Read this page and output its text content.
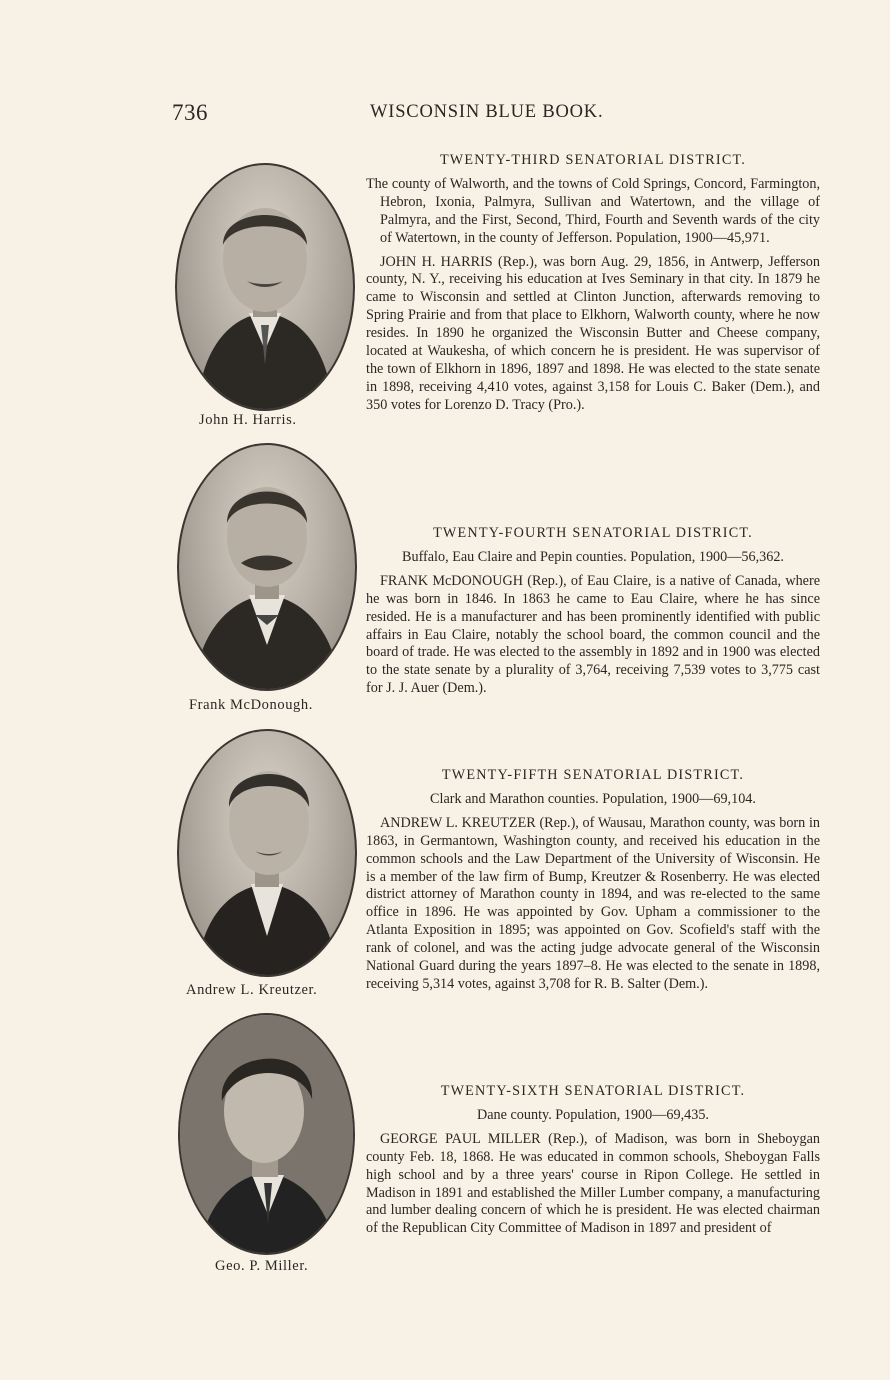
736	WISCONSIN BLUE BOOK.
John H. Harris.
Frank McDonough.
Andrew L. Kreutzer.
Geo. P. Miller.
TWENTY-THIRD SENATORIAL DISTRICT.
The county of Walworth, and the towns of Cold Springs, Concord, Farmington, Hebron, Ixonia, Palmyra, Sullivan and Watertown, and the village of Palmyra, and the First, Second, Third, Fourth and Seventh wards of the city of Watertown, in the county of Jefferson. Population, 1900—45,971.
JOHN H. HARRIS (Rep.), was born Aug. 29, 1856, in Antwerp, Jefferson county, N. Y., receiving his education at Ives Seminary in that city. In 1879 he came to Wisconsin and settled at Clinton Junction, afterwards removing to Spring Prairie and from that place to Elkhorn, Walworth county, where he now resides. In 1890 he organized the Wisconsin Butter and Cheese company, located at Waukesha, of which concern he is president. He was supervisor of the town of Elkhorn in 1896, 1897 and 1898. He was elected to the state senate in 1898, receiving 4,410 votes, against 3,158 for Louis C. Baker (Dem.), and 350 votes for Lorenzo D. Tracy (Pro.).
TWENTY-FOURTH SENATORIAL DISTRICT.
Buffalo, Eau Claire and Pepin counties. Population, 1900—56,362.
FRANK McDONOUGH (Rep.), of Eau Claire, is a native of Canada, where he was born in 1846. In 1863 he came to Eau Claire, where he has since resided. He is a manufacturer and has been prominently identified with public affairs in Eau Claire, notably the school board, the common council and the board of trade. He was elected to the assembly in 1892 and in 1900 was elected to the state senate by a plurality of 3,764, receiving 7,539 votes to 3,775 cast for J. J. Auer (Dem.).
TWENTY-FIFTH SENATORIAL DISTRICT.
Clark and Marathon counties. Population, 1900—69,104.
ANDREW L. KREUTZER (Rep.), of Wausau, Marathon county, was born in 1863, in Germantown, Washington county, and received his education in the common schools and the Law Department of the University of Wisconsin. He is a member of the law firm of Bump, Kreutzer & Rosenberry. He was elected district attorney of Marathon county in 1894, and was re-elected to the same office in 1896. He was appointed by Gov. Upham a commissioner to the Atlanta Exposition in 1895; was appointed on Gov. Scofield's staff with the rank of colonel, and was the acting judge advocate general of the Wisconsin National Guard during the years 1897–8. He was elected to the senate in 1898, receiving 5,314 votes, against 3,708 for R. B. Salter (Dem.).
TWENTY-SIXTH SENATORIAL DISTRICT.
Dane county. Population, 1900—69,435.
GEORGE PAUL MILLER (Rep.), of Madison, was born in Sheboygan county Feb. 18, 1868. He was educated in common schools, Sheboygan Falls high school and by a three years' course in Ripon College. He settled in Madison in 1891 and established the Miller Lumber company, a manufacturing and lumber dealing concern of which he is president. He was elected chairman of the Republican City Committee of Madison in 1897 and president of
